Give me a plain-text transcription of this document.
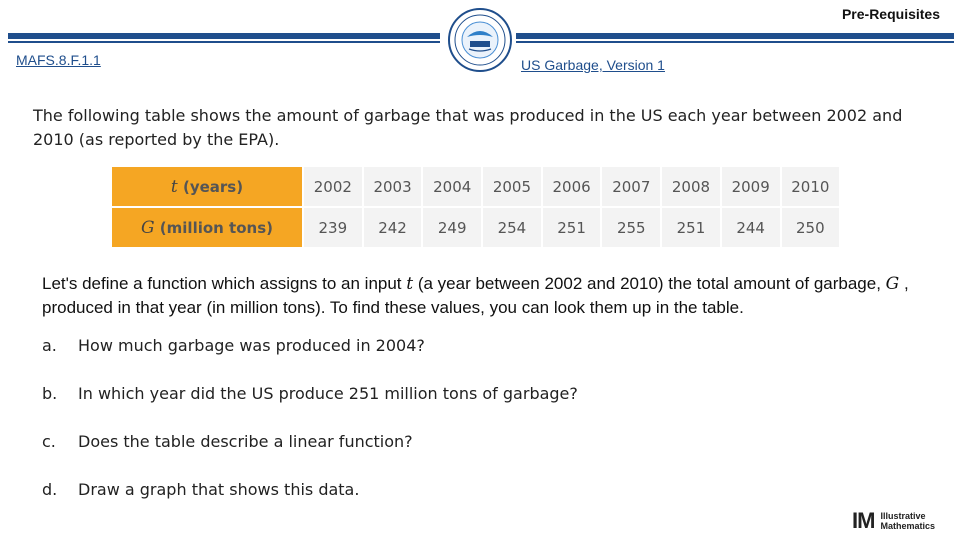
Pre-Requisites
MAFS.8.F.1.1	US Garbage, Version 1
The following table shows the amount of garbage that was produced in the US each year between 2002 and 2010 (as reported by the EPA).
t (years)	2002	2003	2004	2005	2006	2007	2008	2009	2010
G (million tons)	239	242	249	254	251	255	251	244	250
Let's define a function which assigns to an input t (a year between 2002 and 2010) the total amount of garbage, G , produced in that year (in million tons). To find these values, you can look them up in the table.
a. How much garbage was produced in 2004?
b. In which year did the US produce 251 million tons of garbage?
c. Does the table describe a linear function?
d. Draw a graph that shows this data.
IM Illustrative
Mathematics
